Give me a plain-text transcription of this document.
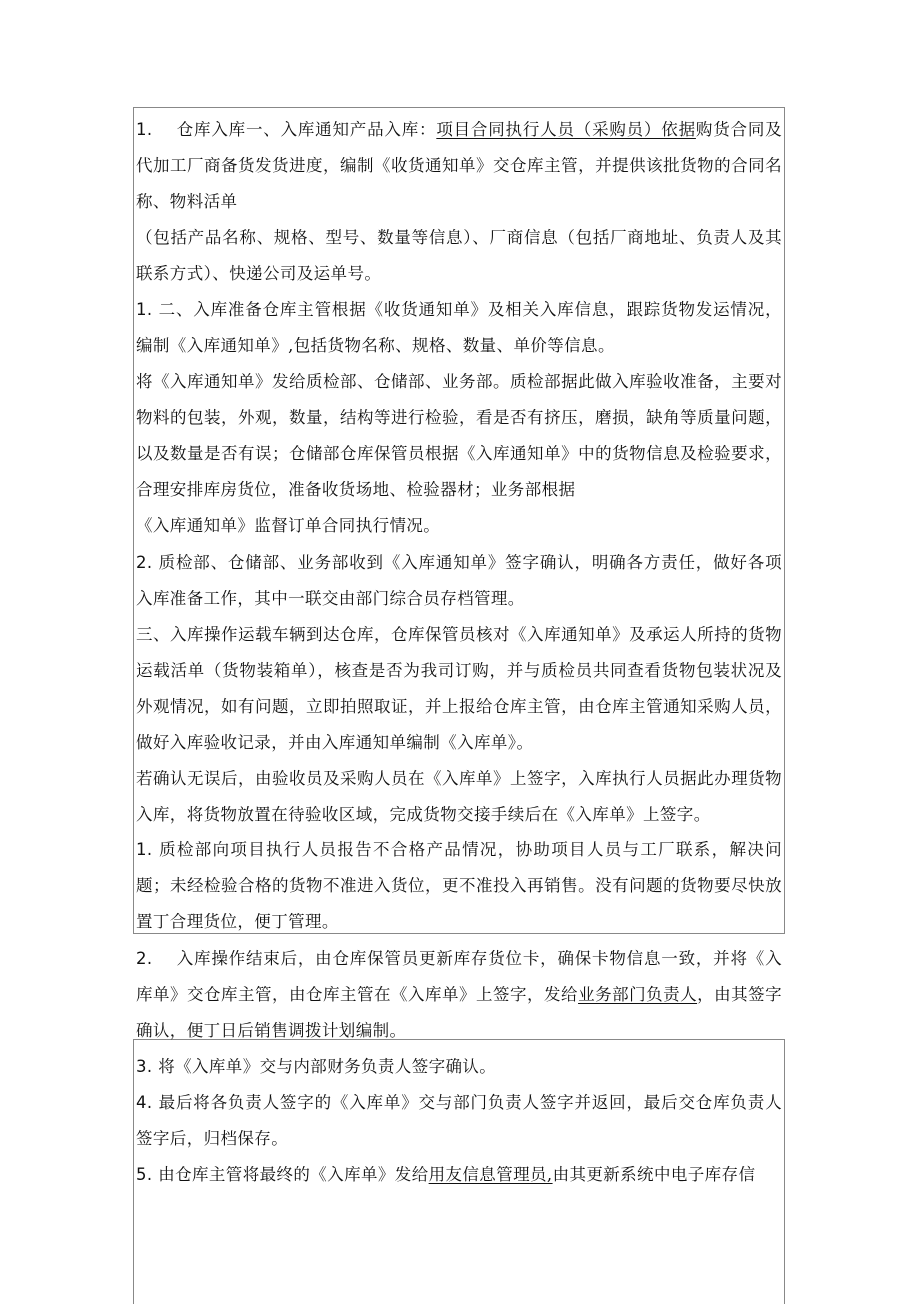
1. 仓库入库一、入库通知产品入库：项目合同执行人员（采购员）依据购货合同及代加工厂商备货发货进度，编制《收货通知单》交仓库主管，并提供该批货物的合同名称、物料活单
（包括产品名称、规格、型号、数量等信息）、厂商信息（包括厂商地址、负责人及其联系方式）、快递公司及运单号。
1. 二、入库准备仓库主管根据《收货通知单》及相关入库信息，跟踪货物发运情况，编制《入库通知单》,包括货物名称、规格、数量、单价等信息。
将《入库通知单》发给质检部、仓储部、业务部。质检部据此做入库验收准备，主要对物料的包装，外观，数量，结构等进行检验，看是否有挤压，磨损，缺角等质量问题，以及数量是否有误；仓储部仓库保管员根据《入库通知单》中的货物信息及检验要求，合理安排库房货位，准备收货场地、检验器材；业务部根据
《入库通知单》监督订单合同执行情况。
2. 质检部、仓储部、业务部收到《入库通知单》签字确认，明确各方责任，做好各项入库准备工作，其中一联交由部门综合员存档管理。
三、入库操作运载车辆到达仓库，仓库保管员核对《入库通知单》及承运人所持的货物运载活单（货物装箱单），核查是否为我司订购，并与质检员共同查看货物包装状况及外观情况，如有问题，立即拍照取证，并上报给仓库主管，由仓库主管通知采购人员，做好入库验收记录，并由入库通知单编制《入库单》。
若确认无误后，由验收员及采购人员在《入库单》上签字，入库执行人员据此办理货物入库，将货物放置在待验收区域，完成货物交接手续后在《入库单》上签字。
1. 质检部向项目执行人员报告不合格产品情况，协助项目人员与工厂联系，解决问题；未经检验合格的货物不准进入货位，更不准投入再销售。没有问题的货物要尽快放置丁合理货位，便丁管理。
2. 入库操作结束后，由仓库保管员更新库存货位卡，确保卡物信息一致，并将《入库单》交仓库主管，由仓库主管在《入库单》上签字，发给业务部门负责人，由其签字确认，便丁日后销售调拨计划编制。
3. 将《入库单》交与内部财务负责人签字确认。
4. 最后将各负责人签字的《入库单》交与部门负责人签字并返回，最后交仓库负责人签字后，归档保存。
5. 由仓库主管将最终的《入库单》发给用友信息管理员,由其更新系统中电子库存信
